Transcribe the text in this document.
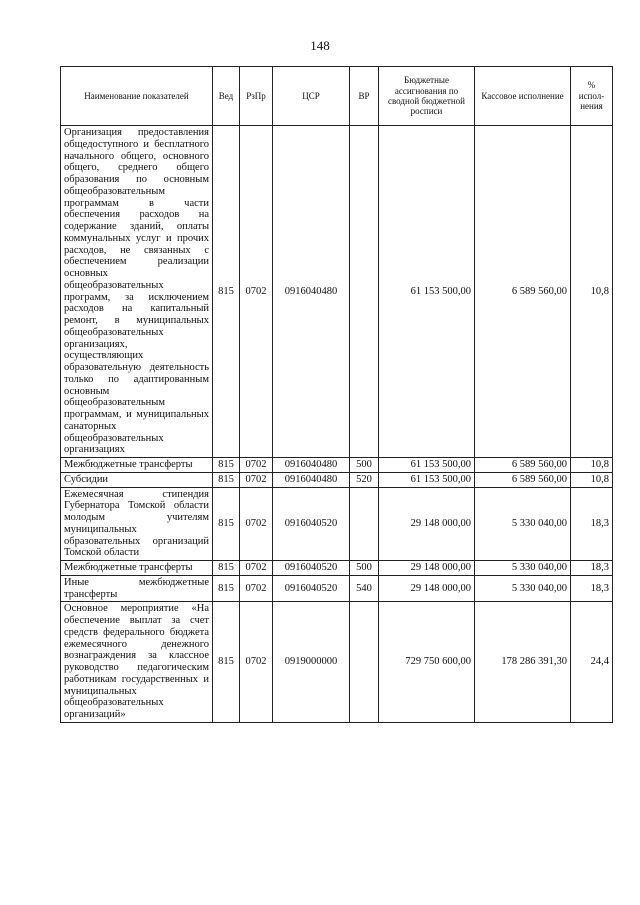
148
Наименование показателей	Вед	РзПр	ЦСР	ВР	Бюджетные ассигнования по сводной бюджетной росписи	Кассовое исполнение	% испол-нения
Организация предоставления общедоступного и бесплатного начального общего, основного общего, среднего общего образования по основным общеобразовательным программам в части обеспечения расходов на содержание зданий, оплаты коммунальных услуг и прочих расходов, не связанных с обеспечением реализации основных общеобразовательных программ, за исключением расходов на капитальный ремонт, в муниципальных общеобразовательных организациях, осуществляющих образовательную деятельность только по адаптированным основным общеобразовательным программам, и муниципальных санаторных общеобразовательных организациях	815	0702	0916040480		61 153 500,00	6 589 560,00	10,8
Межбюджетные трансферты	815	0702	0916040480	500	61 153 500,00	6 589 560,00	10,8
Субсидии	815	0702	0916040480	520	61 153 500,00	6 589 560,00	10,8
Ежемесячная стипендия Губернатора Томской области молодым учителям муниципальных образовательных организаций Томской области	815	0702	0916040520		29 148 000,00	5 330 040,00	18,3
Межбюджетные трансферты	815	0702	0916040520	500	29 148 000,00	5 330 040,00	18,3
Иные межбюджетные трансферты	815	0702	0916040520	540	29 148 000,00	5 330 040,00	18,3
Основное мероприятие «На обеспечение выплат за счет средств федерального бюджета ежемесячного денежного вознаграждения за классное руководство педагогическим работникам государственных и муниципальных общеобразовательных организаций»	815	0702	0919000000		729 750 600,00	178 286 391,30	24,4
